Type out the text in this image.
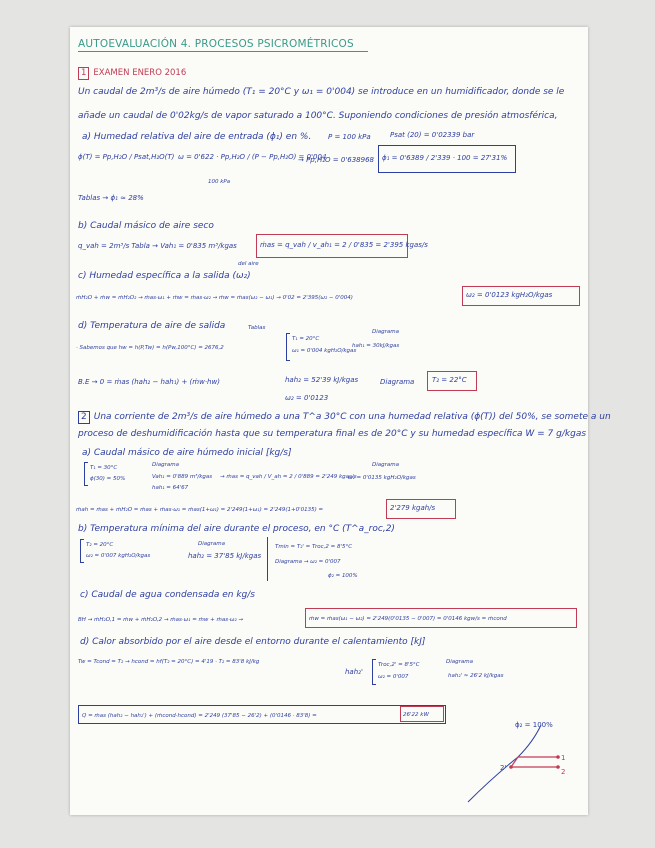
AUTOEVALUACIÓN 4. PROCESOS PSICROMÉTRICOS
1 EXAMEN ENERO 2016
Un caudal de 2m³/s de aire húmedo (T₁ = 20°C y ω₁ = 0'004) se introduce en un humidificador, donde se le
añade un caudal de 0'02kg/s de vapor saturado a 100°C. Suponiendo condiciones de presión atmosférica,
a) Humedad relativa del aire de entrada (ϕ₁) en %. P = 100 kPa	Psat (20) = 0'02339 bar
ϕ(T) = Pp,H₂O / Psat,H₂O(T) ω = 0'622 · Pp,H₂O / (P − Pp,H₂O) = 0'004
→ Pp,H₂O = 0'638968
100 kPa
ϕ₁ = 0'6389 / 2'339 · 100 = 27'31%
Tablas → ϕ₁ ≈ 28%
b) Caudal másico de aire seco
q_vah = 2m³/s Tabla → Vah₁ = 0'835 m³/kgas	ṁas = q_vah / v_ah₁ = 2 / 0'835 = 2'395 kgas/s
c) Humedad específica a la salida (ω₂)
del aire
ṁH₂O + ṁw = ṁH₂O₂ → ṁas·ω₁ + ṁw = ṁas·ω₂ → ṁw = ṁas(ω₂ − ω₁) → 0'02 = 2'395(ω₂ − 0'004)	ω₂ = 0'0123 kgH₂O/kgas
d) Temperatura de aire de salida	Tablas
· Sabemos que hw = h(P,Tw) = h(Pw,100°C) = 2676,2
T₁ = 20°C
ω₁ = 0'004 kgH₂O/kgas
Diagrama
hah₁ = 30kJ/kgas
B.E → 0 = ṁas (hah₂ − hah₁) + (ṁw·hw)	hah₂ = 52'39 kJ/kgas
ω₂ = 0'0123
Diagrama	T₂ = 22°C
2 Una corriente de 2m³/s de aire húmedo a una T^a 30°C con una humedad relativa (ϕ(T)) del 50%, se somete a un
proceso de deshumidificación hasta que su temperatura final es de 20°C y su humedad específica W = 7 g/kgas
a) Caudal másico de aire húmedo inicial [kg/s]
T₁ = 30°C
ϕ(30) = 50%
Diagrama
Vah₁ = 0'889 m³/kgas
hah₁ = 64'67
→ ṁas = q_vah / V_ah = 2 / 0'889 = 2'249 kgas/s
Diagrama
ω₁ = 0'0135 kgH₂O/kgas
ṁah = ṁas + ṁH₂O = ṁas + ṁas·ω₁ = ṁas(1+ω₁) = 2'249(1+ω₁) = 2'249(1+0'0135) =	2'279 kgah/s
b) Temperatura mínima del aire durante el proceso, en °C (T^a_roc,2)
T₂ = 20°C
ω₂ = 0'007 kgH₂O/kgas
Diagrama
hah₂ = 37'85 kJ/kgas
Tmin = T₂' = Troc,2 = 8'5°C
Diagrama → ω₂ = 0'007
ϕ₂ = 100%
c) Caudal de agua condensada en kg/s
BH → ṁH₂O,1 = ṁw + ṁH₂O,2 → ṁas·ω₁ = ṁw + ṁas·ω₂ →	ṁw = ṁas(ω₁ − ω₂) = 2'249(0'0135 − 0'007) = 0'0146 kgw/s = ṁcond
d) Calor absorbido por el aire desde el entorno durante el calentamiento [kJ]
Tw = Tcond = T₂ → hcond = hf(T₂ = 20°C) = 4'19 · T₂ = 83'8 kJ/kg
hah₂'
Troc,2' = 8'5°C
ω₂ = 0'007
Diagrama
hah₂' ≈ 26'2 kJ/kgas
Q = ṁas (hah₂ − hah₂') + (ṁcond·hcond) = 2'249 (37'85 − 26'2) + (0'0146 · 83'8) =	26'22 kW
ϕ₂ = 100%
1
2
2'
